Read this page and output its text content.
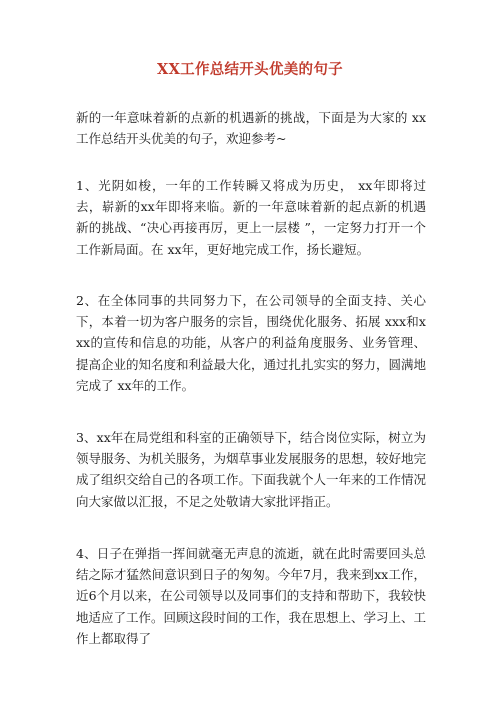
XX工作总结开头优美的句子
新的一年意味着新的点新的机遇新的挑战，下面是为大家的 xx工作总结开头优美的句子，欢迎参考~
1、光阴如梭，一年的工作转瞬又将成为历史， xx年即将过去，崭新的xx年即将来临。新的一年意味着新的起点新的机遇新的挑战、“决心再接再厉，更上一层楼 ”，一定努力打开一个工作新局面。在 xx年，更好地完成工作，扬长避短。
2、在全体同事的共同努力下，在公司领导的全面支持、关心下，本着一切为客户服务的宗旨，围绕优化服务、拓展 xxx和xxx的宣传和信息的功能，从客户的利益角度服务、业务管理、提高企业的知名度和利益最大化，通过扎扎实实的努力，圆满地完成了 xx年的工作。
3、xx年在局党组和科室的正确领导下，结合岗位实际，树立为领导服务、为机关服务，为烟草事业发展服务的思想，较好地完成了组织交给自己的各项工作。下面我就个人一年来的工作情况向大家做以汇报，不足之处敬请大家批评指正。
4、日子在弹指一挥间就毫无声息的流逝，就在此时需要回头总结之际才猛然间意识到日子的匆匆。今年7月，我来到xx工作，近6个月以来，在公司领导以及同事们的支持和帮助下，我较快地适应了工作。回顾这段时间的工作，我在思想上、学习上、工作上都取得了
